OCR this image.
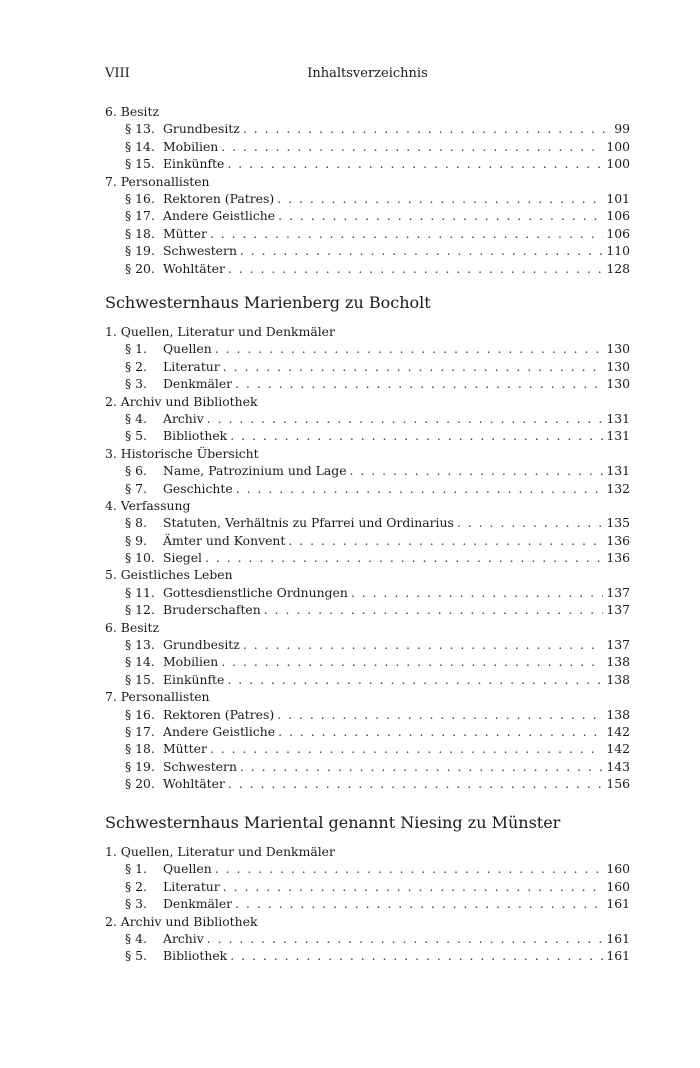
VIII	Inhaltsverzeichnis
6. Besitz
§ 13. Grundbesitz . . .	99
§ 14. Mobilien . . .	100
§ 15. Einkünfte . . .	100
7. Personallisten
§ 16. Rektoren (Patres) . . .	101
§ 17. Andere Geistliche . . .	106
§ 18. Mütter . . .	106
§ 19. Schwestern . . .	110
§ 20. Wohltäter . . .	128
Schwesternhaus Marienberg zu Bocholt
1. Quellen, Literatur und Denkmäler
§ 1.	Quellen . . .	130
§ 2.	Literatur . . .	130
§ 3.	Denkmäler . . .	130
2. Archiv und Bibliothek
§ 4.	Archiv . . .	131
§ 5.	Bibliothek . . .	131
3. Historische Übersicht
§ 6.	Name, Patrozinium und Lage . . .	131
§ 7.	Geschichte . . .	132
4. Verfassung
§ 8.	Statuten, Verhältnis zu Pfarrei und Ordinarius . . .	135
§ 9.	Ämter und Konvent . . .	136
§ 10. Siegel . . .	136
5. Geistliches Leben
§ 11. Gottesdienstliche Ordnungen . . .	137
§ 12. Bruderschaften . . .	137
6. Besitz
§ 13. Grundbesitz . . .	137
§ 14. Mobilien . . .	138
§ 15. Einkünfte . . .	138
7. Personallisten
§ 16. Rektoren (Patres) . . .	138
§ 17. Andere Geistliche . . .	142
§ 18. Mütter . . .	142
§ 19. Schwestern . . .	143
§ 20. Wohltäter . . .	156
Schwesternhaus Mariental genannt Niesing zu Münster
1. Quellen, Literatur und Denkmäler
§ 1.	Quellen . . .	160
§ 2.	Literatur . . .	160
§ 3.	Denkmäler . . .	161
2. Archiv und Bibliothek
§ 4.	Archiv . . .	161
§ 5.	Bibliothek . . .	161
